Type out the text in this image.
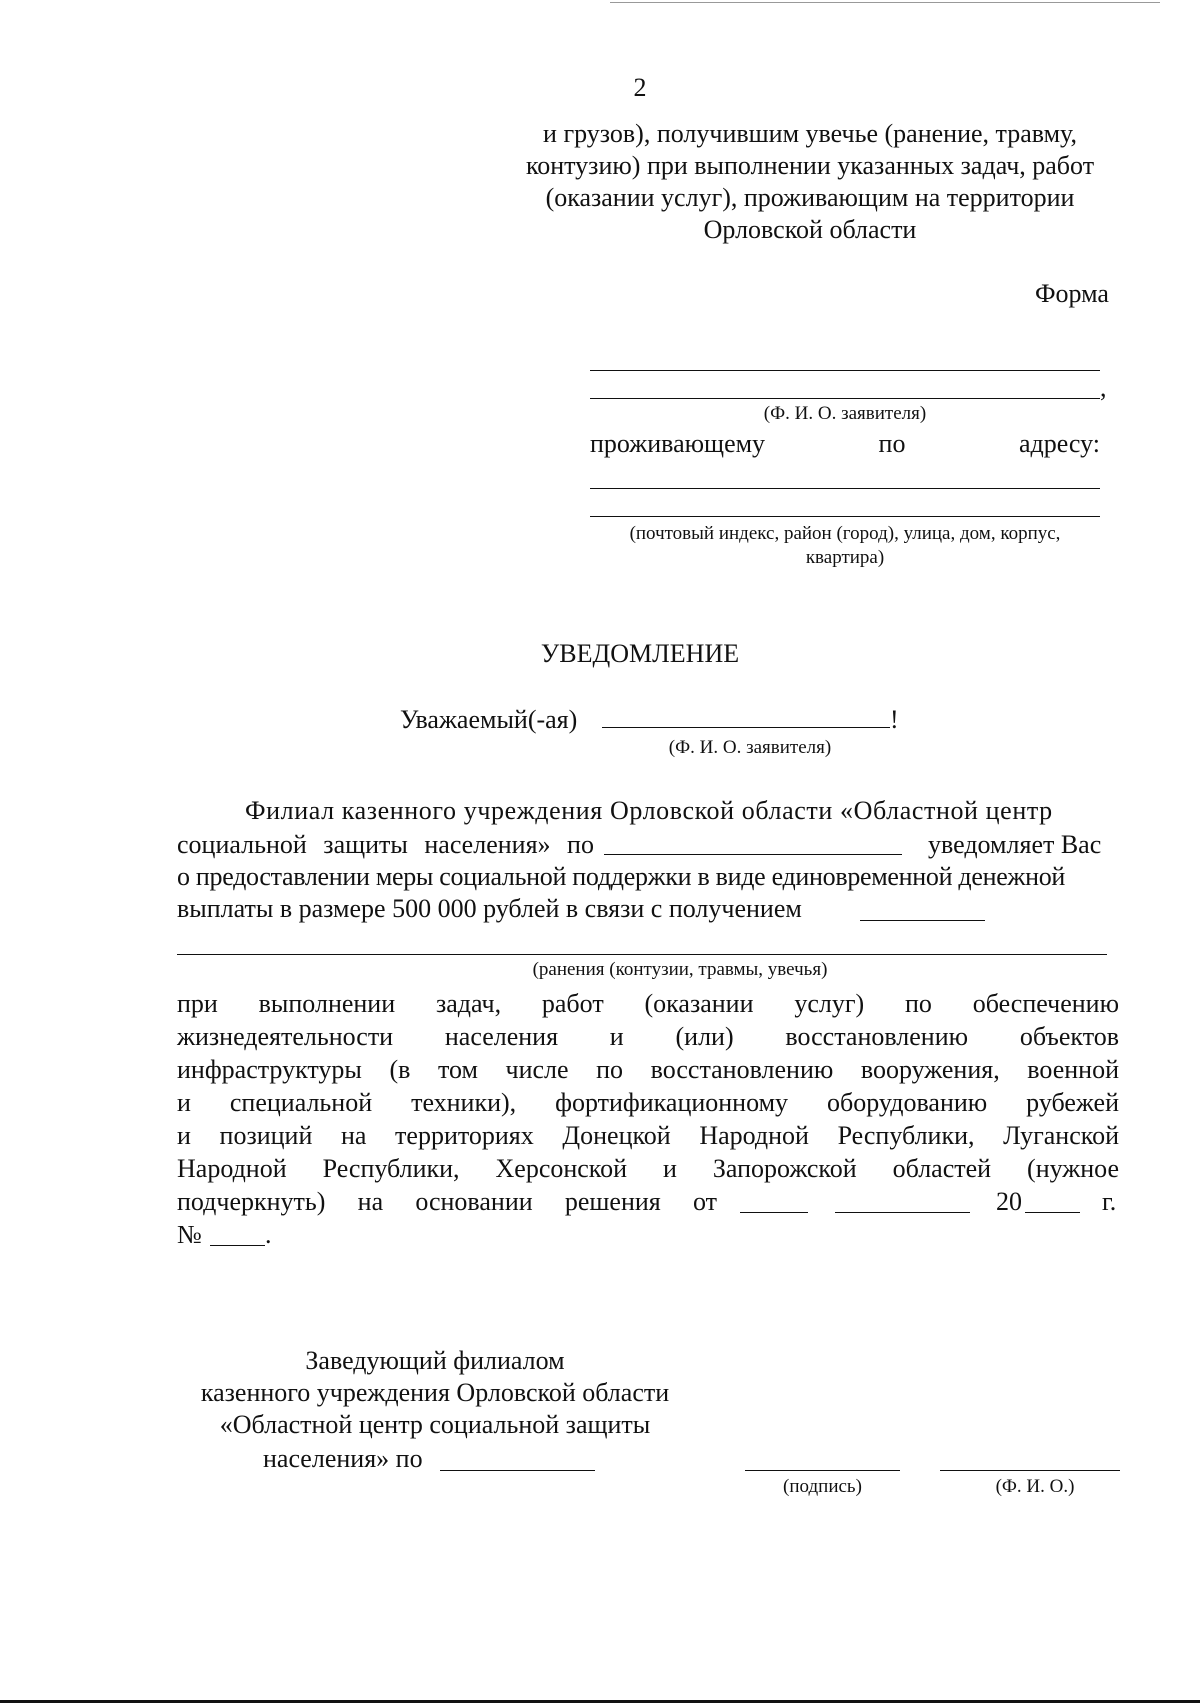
2
и грузов), получившим увечье (ранение, травму,
контузию) при выполнении указанных задач, работ
(оказании услуг), проживающим на территории
Орловской области
Форма
,
(Ф. И. О. заявителя)
проживающему	по	адресу:
(почтовый индекс, район (город), улица, дом, корпус,
квартира)
УВЕДОМЛЕНИЕ
Уважаемый(-ая)	!
(Ф. И. О. заявителя)
Филиал казенного учреждения Орловской области «Областной центр
социальной защиты населения» по	уведомляет Вас
о предоставлении меры социальной поддержки в виде единовременной денежной
выплаты в размере 500 000 рублей в связи с получением
(ранения (контузии, травмы, увечья)
при выполнении задач, работ (оказании услуг) по обеспечению
жизнедеятельности населения и (или) восстановлению объектов
инфраструктуры (в том числе по восстановлению вооружения, военной
и специальной техники), фортификационному оборудованию рубежей
и позиций на территориях Донецкой Народной Республики, Луганской
Народной Республики, Херсонской и Запорожской областей (нужное
подчеркнуть) на основании решения от	20	г.
№ .
Заведующий филиалом
казенного учреждения Орловской области
«Областной центр социальной защиты
населения» по
(подпись)	(Ф. И. О.)
